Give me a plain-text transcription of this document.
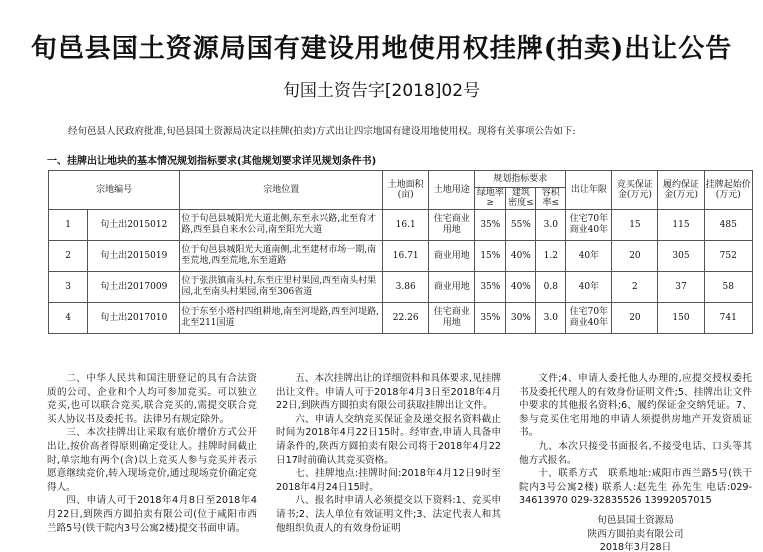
旬邑县国土资源局国有建设用地使用权挂牌(拍卖)出让公告
旬国土资告字[2018]02号
经旬邑县人民政府批准,旬邑县国土资源局决定以挂牌(拍卖)方式出让四宗地国有建设用地使用权。现将有关事项公告如下:
一、挂牌出让地块的基本情况规划指标要求(其他规划要求详见规划条件书)
宗地编号		宗地位置	土地面积(亩)	土地用途	规划指标要求			出让年限	竞买保证金(万元)	履约保证金(万元)	挂牌起始价(万元)
					绿地率≥	建筑密度≤	容积率≤				
1	旬土出2015012	位于旬邑县城阳光大道北侧,东至永兴路,北至育才路,西至县自来水公司,南至阳光大道	16.1	住宅商业用地	35%	55%	3.0	住宅70年商业40年	15	115	485
2	旬土出2015019	位于旬邑县城阳光大道南侧,北至建材市场一期,南至荒地,西至荒地,东至道路	16.71	商业用地	15%	40%	1.2	40年	20	305	752
3	旬土出2017009	位于张洪镇南头村,东至庄里村果园,西至南头村果园,北至南头村果园,南至306省道	3.86	商业用地	35%	40%	0.8	40年	2	37	58
4	旬土出2017010	位于东至小塔村四组耕地,南至河堤路,西至河堤路,北至211国道	22.26	住宅商业用地	35%	30%	3.0	住宅70年商业40年	20	150	741

二、中华人民共和国注册登记的具有合法资质的公司、企业和个人均可参加竞买。可以独立竞买,也可以联合竞买,联合竞买的,需提交联合竞买人协议书及委托书。法律另有规定除外。

三、本次挂牌出让采取有底价增价方式公开出让,按价高者得原则确定受让人。挂牌时间截止时,单宗地有两个(含)以上竞买人参与竞买并表示愿意继续竞价,转入现场竞价,通过现场竞价确定竞得人。

四、申请人可于2018年4月8日至2018年4月22日,到陕西方圆拍卖有限公司(位于咸阳市西兰路5号(铁干院内3号公寓2楼)提交书面申请。

五、本次挂牌出让的详细资料和具体要求,见挂牌出让文件。申请人可于2018年4月3日至2018年4月22日,到陕西方圆拍卖有限公司获取挂牌出让文件。

六、申请人交纳竞买保证金及递交报名资料截止时间为2018年4月22日15时。经审查,申请人具备申请条件的,陕西方圆拍卖有限公司将于2018年4月22日17时前确认其竞买资格。

七、挂牌地点:挂牌时间:2018年4月12日9时至2018年4月24日15时。

八、报名时申请人必须提交以下资料:1、竞买申请书;2、法人单位有效证明文件;3、法定代表人和其他组织负责人的有效身份证明

文件;4、申请人委托他人办理的,应提交授权委托书及委托代理人的有效身份证明文件;5、挂牌出让文件中要求的其他报名资料;6、履约保证金交纳凭证。7、参与竞买住宅用地的申请人须提供房地产开发资质证书。

九、本次只接受书面报名,不接受电话、口头等其他方式报名。

十、联系方式　联系地址:咸阳市西兰路5号(铁干院内3号公寓2楼) 联系人:赵先生 孙先生 电话:029-34613970 029-32835526 13992057015

旬邑县国土资源局
陕西方圆拍卖有限公司
2018年3月28日
